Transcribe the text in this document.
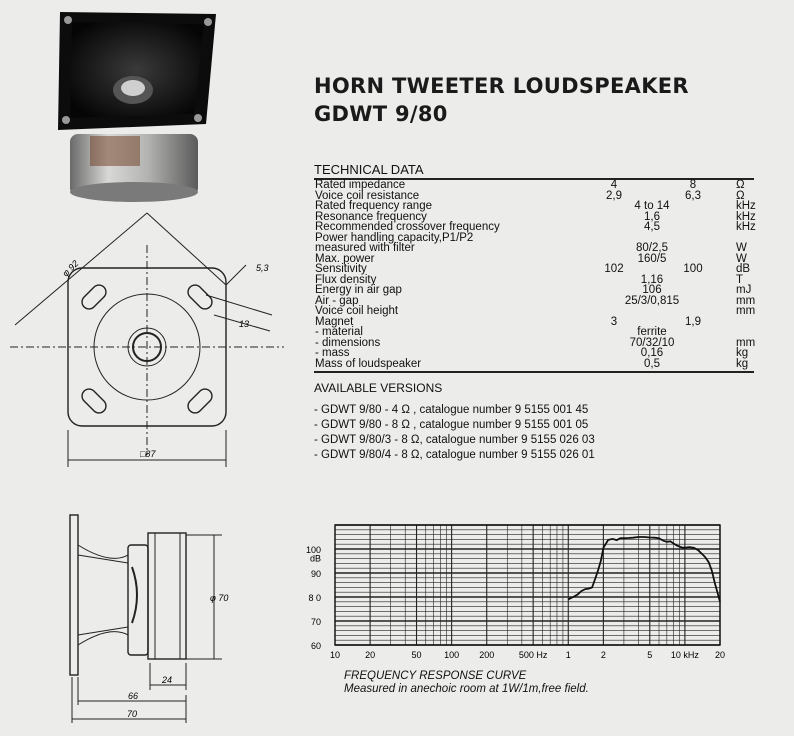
φ 92	5,3
13
□87
φ 70
24
66
70
HORN TWEETER LOUDSPEAKER
GDWT 9/80
TECHNICAL DATA
Rated impedance	4	8	Ω
Voice coil resistance	2,9	6,3	Ω
Rated frequency range	4 to 14	kHz
Resonance frequency	1,6	kHz
Recommended crossover frequency	4,5	kHz
Power handling capacity,P1/P2
measured with filter	80/2,5	W
Max. power	160/5	W
Sensitivity	102	100	dB
Flux density	1,16	T
Energy in air gap	106	mJ
Air - gap	25/3/0,815	mm
Voice coil height	mm
Magnet	3	1,9
- material	ferrite
- dimensions	70/32/10	mm
- mass	0,16	kg
Mass of loudspeaker	0,5	kg
AVAILABLE VERSIONS
- GDWT 9/80 - 4 Ω , catalogue number 9 5155 001 45
- GDWT 9/80 - 8 Ω , catalogue number 9 5155 001 05
- GDWT 9/80/3 - 8 Ω, catalogue number 9 5155 026 03
- GDWT 9/80/4 - 8 Ω, catalogue number 9 5155 026 01
100
90
8 0
70
60
dB
10	20	50	100 200	500 Hz 1	2	5 10 kHz 20
FREQUENCY RESPONSE CURVE
Measured in anechoic room at 1W/1m,free field.
